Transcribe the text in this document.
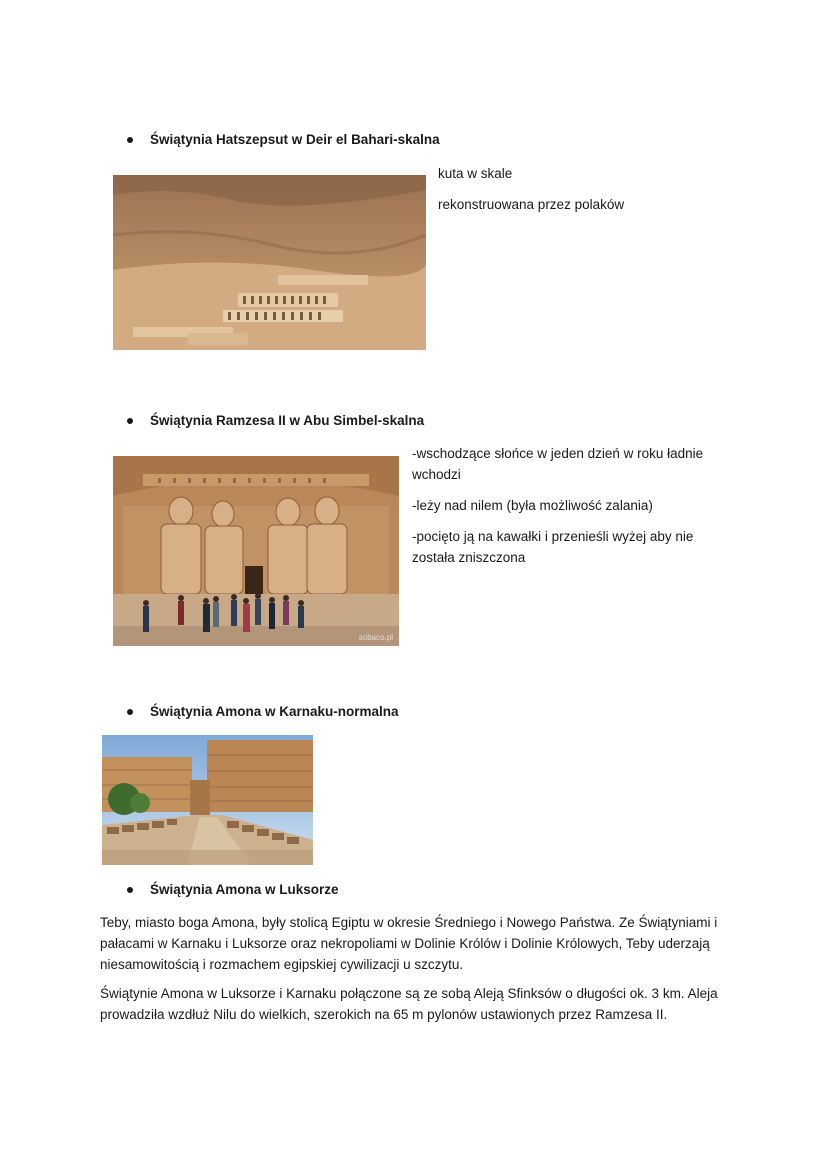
Świątynia Hatszepsut w Deir el Bahari-skalna
kuta w skale
rekonstruowana przez polaków
Świątynia Ramzesa II w Abu Simbel-skalna
sobaco.pl
-wschodzące słońce w jeden dzień w roku ładnie wchodzi
-leży nad nilem (była możliwość zalania)
-pocięto ją na kawałki i przenieśli wyżej aby nie została zniszczona
Świątynia Amona w Karnaku-normalna
Świątynia Amona w Luksorze
Teby, miasto boga Amona, były stolicą Egiptu w okresie Średniego i Nowego Państwa. Ze Świątyniami i pałacami w Karnaku i Luksorze oraz nekropoliami w Dolinie Królów i Dolinie Królowych, Teby uderzają niesamowitością i rozmachem egipskiej cywilizacji u szczytu.
Świątynie Amona w Luksorze i Karnaku połączone są ze sobą Aleją Sfinksów o długości ok. 3 km. Aleja prowadziła wzdłuż Nilu do wielkich, szerokich na 65 m pylonów ustawionych przez Ramzesa II.
